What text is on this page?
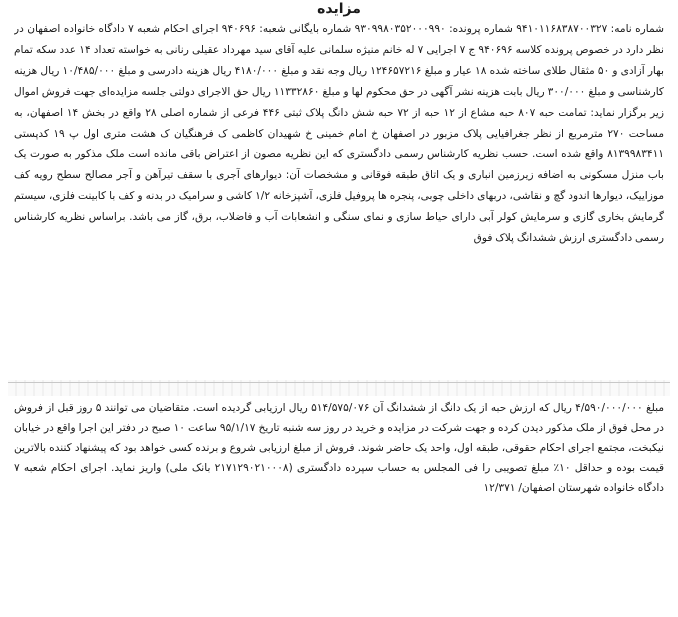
مزایده
شماره نامه: ۹۴۱۰۱۱۶۸۳۸۷۰۰۳۲۷ شماره پرونده: ۹۳۰۹۹۸۰۳۵۲۰۰۰۹۹۰ شماره بایگانی شعبه: ۹۴۰۶۹۶ اجرای احکام شعبه ۷ دادگاه خانواده اصفهان در نظر دارد در خصوص پرونده کلاسه ۹۴۰۶۹۶ ج ۷ اجرایی ۷ له خانم منیژه سلمانی علیه آقای سید مهرداد عقیلی رنانی به خواسته تعداد ۱۴ عدد سکه تمام بهار آزادی و ۵۰ مثقال طلای ساخته شده ۱۸ عیار و مبلغ ۱۲۴۶۵۷۲۱۶ ریال وجه نقد و مبلغ ۴۱۸۰/۰۰۰ ریال هزینه دادرسی و مبلغ ۱۰/۴۸۵/۰۰۰ ریال هزینه کارشناسی و مبلغ ۳۰۰/۰۰۰ ریال بابت هزینه نشر آگهی در حق محکوم لها و مبلغ ۱۱۳۳۲۸۶۰ ریال حق الاجرای دولتی جلسه مزایده‌ای جهت فروش اموال زیر برگزار نماید: تمامت حبه ۸۰۷ حبه مشاع از ۱۲ حبه از ۷۲ حبه شش دانگ پلاک ثبتی ۴۴۶ فرعی از شماره اصلی ۲۸ واقع در بخش ۱۴ اصفهان، به مساحت ۲۷۰ مترمربع از نظر جغرافیایی پلاک مزبور در اصفهان خ امام خمینی خ شهیدان کاظمی ک فرهنگیان ک هشت متری اول پ ۱۹ کدپستی ۸۱۳۹۹۸۳۴۱۱ واقع شده است. حسب نظریه کارشناس رسمی دادگستری که این نظریه مصون از اعتراض باقی مانده است ملک مذکور به صورت یک باب منزل مسکونی به اضافه زیرزمین انباری و یک اتاق طبقه فوقانی و مشخصات آن: دیوارهای آجری با سقف تیرآهن و آجر مصالح سطح رویه کف موزاییک، دیوارها اندود گچ و نقاشی، دربهای داخلی چوبی، پنجره ها پروفیل فلزی، آشپزخانه ۱/۲ کاشی و سرامیک در بدنه و کف با کابینت فلزی، سیستم گرمایش بخاری گازی و سرمایش کولر آبی دارای حیاط سازی و نمای سنگی و انشعابات آب و فاضلاب، برق، گاز می باشد. براساس نظریه کارشناس رسمی دادگستری ارزش ششدانگ پلاک فوق
مبلغ ۴/۵۹۰/۰۰۰/۰۰۰ ریال که ارزش حبه از یک دانگ از ششدانگ آن ۵۱۴/۵۷۵/۰۷۶ ریال ارزیابی گردیده است. متقاضیان می توانند ۵ روز قبل از فروش در محل فوق از ملک مذکور دیدن کرده و جهت شرکت در مزایده و خرید در روز سه شنبه تاریخ ۹۵/۱/۱۷ ساعت ۱۰ صبح در دفتر این اجرا واقع در خیابان نیکبخت، مجتمع اجرای احکام حقوقی، طبقه اول، واحد یک حاضر شوند. فروش از مبلغ ارزیابی شروع و برنده کسی خواهد بود که پیشنهاد کننده بالاترین قیمت بوده و حداقل ۱۰٪ مبلغ تصویبی را فی المجلس به حساب سپرده دادگستری (۲۱۷۱۲۹۰۲۱۰۰۰۸ بانک ملی) واریز نماید. اجرای احکام شعبه ۷ دادگاه خانواده شهرستان اصفهان/ ۱۲/۳۷۱
